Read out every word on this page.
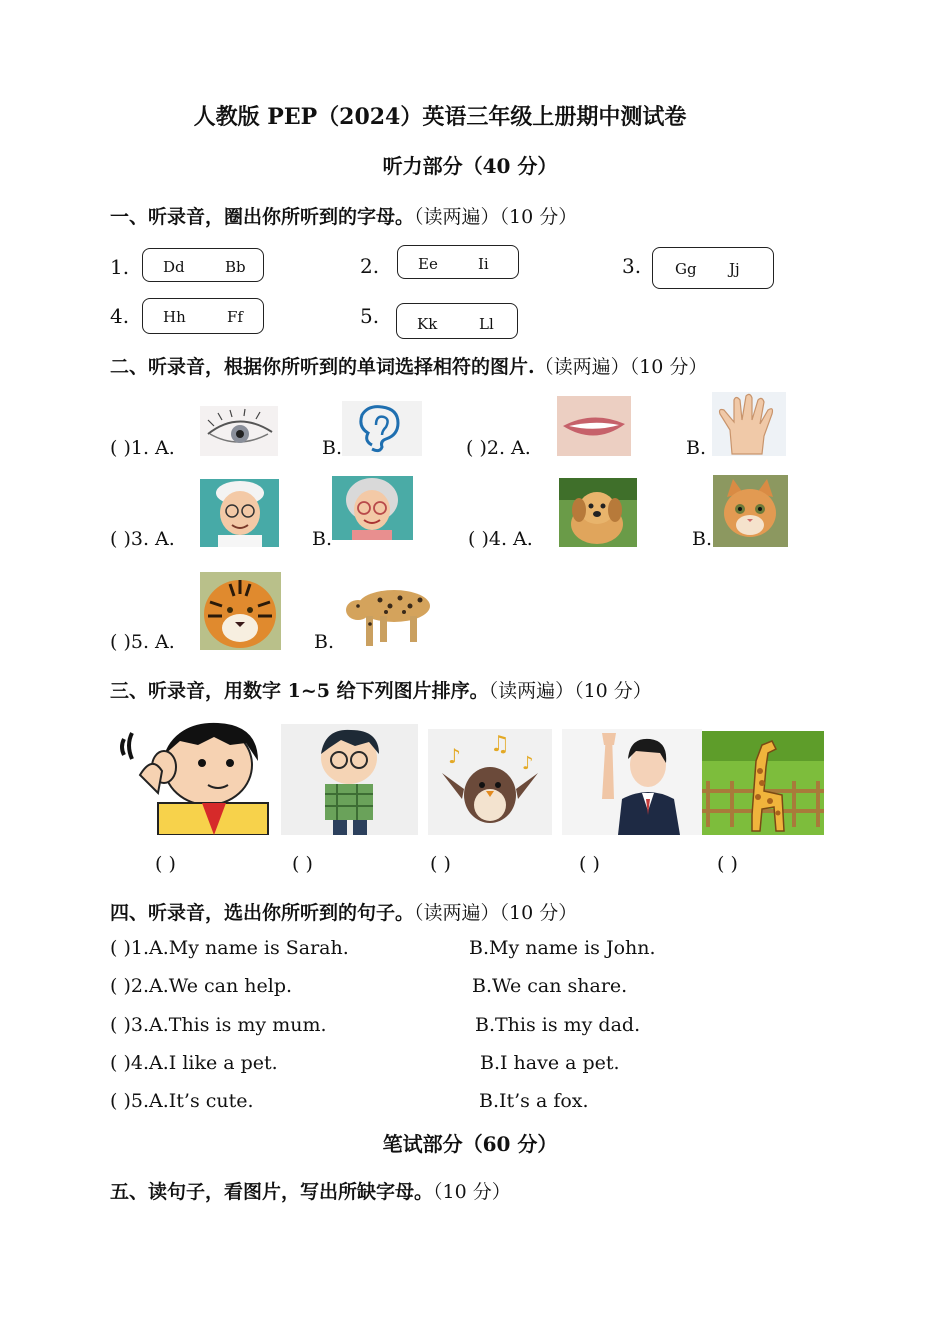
人教版 PEP（2024）英语三年级上册期中测试卷
听力部分（40 分）
一、听录音，圈出你所听到的字母。（读两遍）（10 分）
1. Dd	Bb	2.	Ee	Ii	3. Gg Jj
4. Hh	Ff	5.	Kk	Ll
二、听录音，根据你所听到的单词选择相符的图片.（读两遍）（10 分）
( )1. A.	B.	( )2. A.	B.
( )3. A.	B.	( )4. A.	B.
( )5. A.	B.
三、听录音，用数字 1~5 给下列图片排序。（读两遍）（10 分）
♪ ♫
♪
( )	( )	( )	( )	( )
四、听录音，选出你所听到的句子。（读两遍）（10 分）
( )1.A.My name is Sarah.	B.My name is John.
( )2.A.We can help.	B.We can share.
( )3.A.This is my mum.	B.This is my dad.
( )4.A.I like a pet.	B.I have a pet.
( )5.A.It’s cute.	B.It’s a fox.
笔试部分（60 分）
五、读句子，看图片，写出所缺字母。（10 分）
